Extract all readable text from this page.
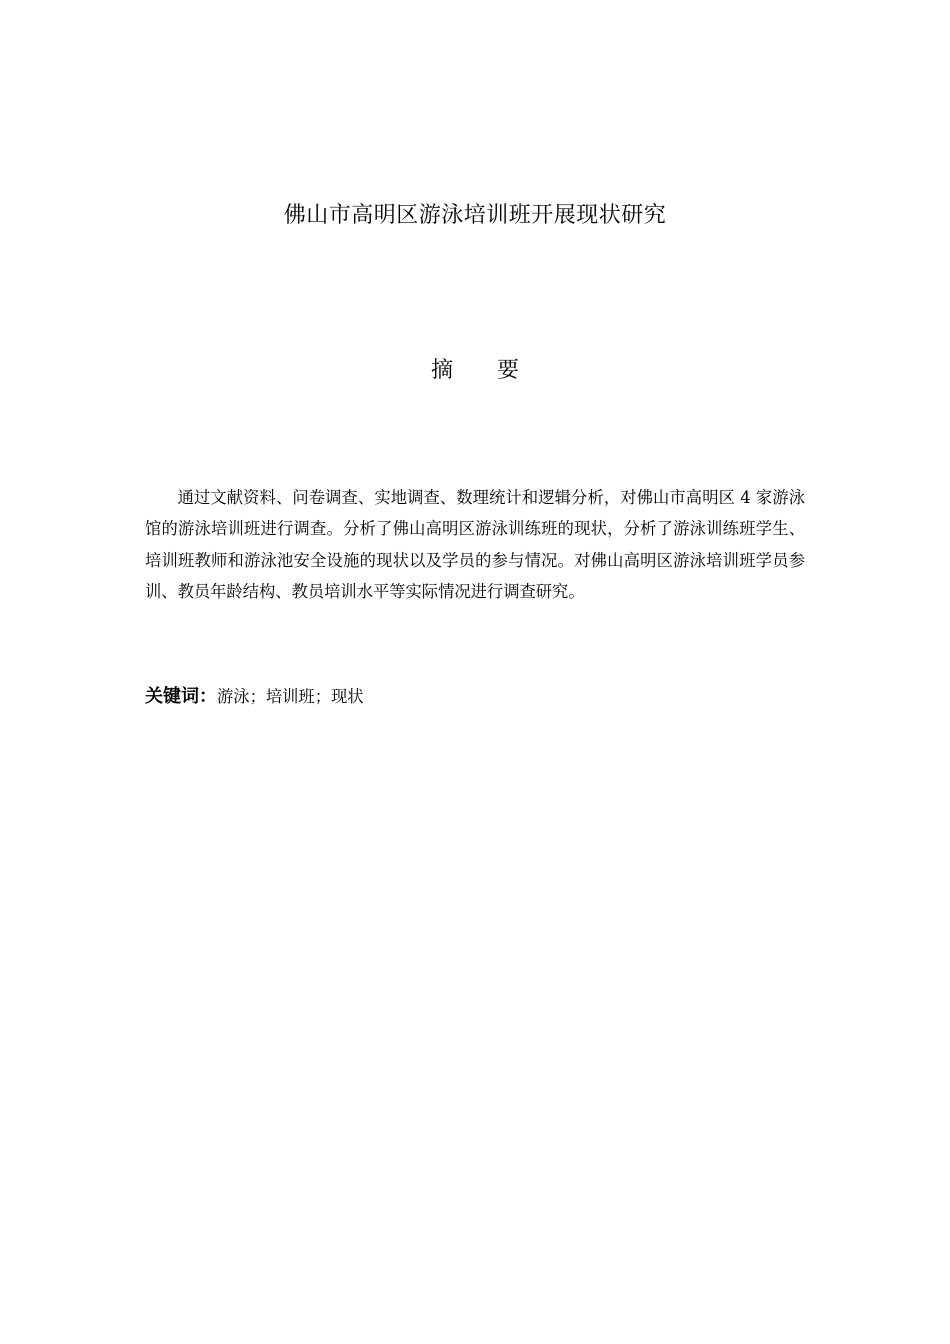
佛山市高明区游泳培训班开展现状研究
摘　　要

通过文献资料、问卷调查、实地调查、数理统计和逻辑分析，对佛山市高明区 4 家游泳馆的游泳培训班进行调查。分析了佛山高明区游泳训练班的现状，分析了游泳训练班学生、培训班教师和游泳池安全设施的现状以及学员的参与情况。对佛山高明区游泳培训班学员参训、教员年龄结构、教员培训水平等实际情况进行调查研究。

关键词：游泳；培训班；现状
